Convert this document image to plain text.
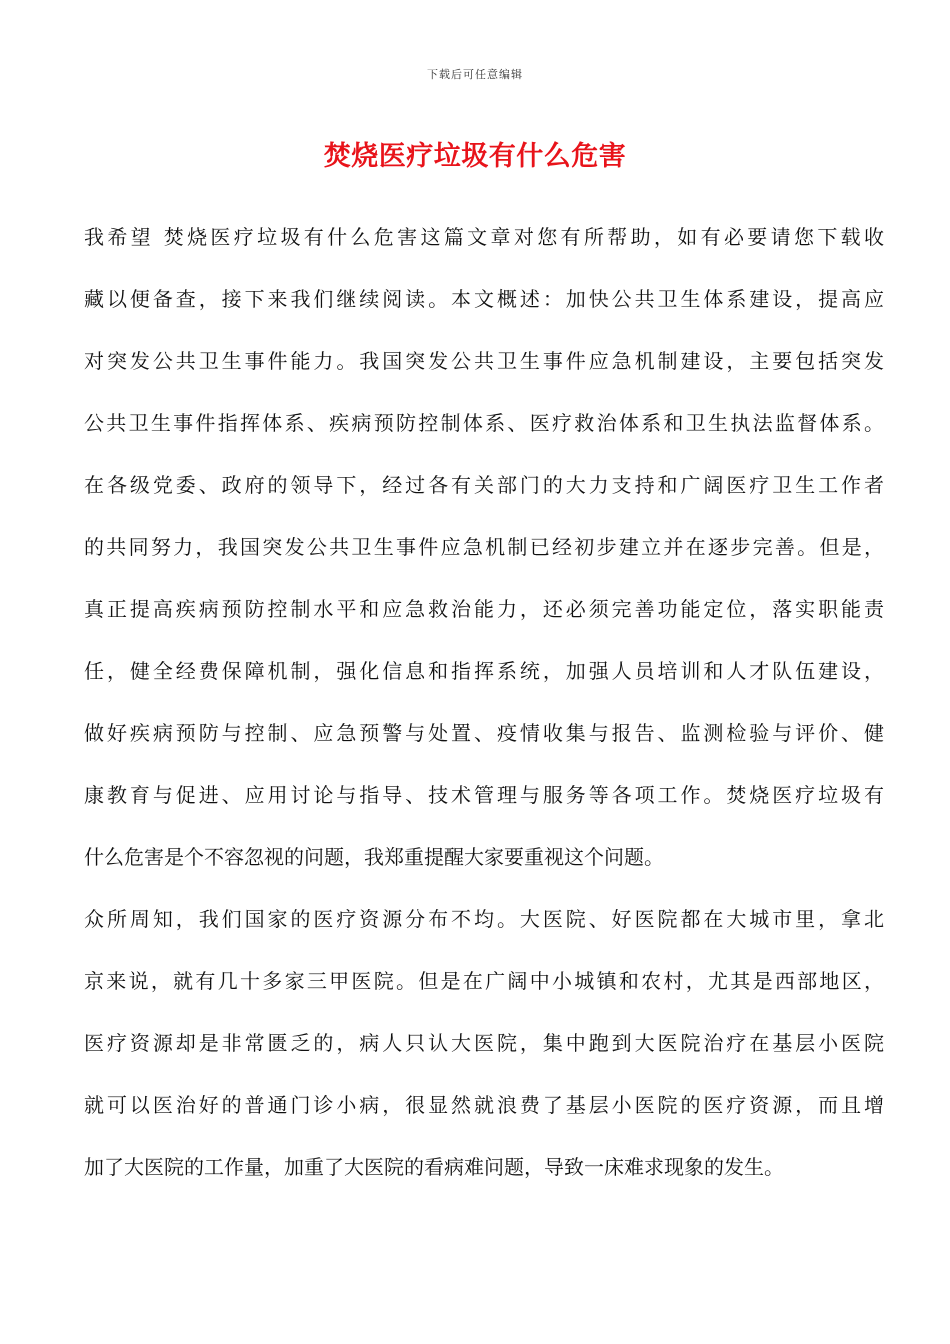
下载后可任意编辑
焚烧医疗垃圾有什么危害
我希望 焚烧医疗垃圾有什么危害这篇文章对您有所帮助，如有必要请您下载收
藏以便备查，接下来我们继续阅读。本文概述：加快公共卫生体系建设，提高应
对突发公共卫生事件能力。我国突发公共卫生事件应急机制建设，主要包括突发
公共卫生事件指挥体系、疾病预防控制体系、医疗救治体系和卫生执法监督体系。
在各级党委、政府的领导下，经过各有关部门的大力支持和广阔医疗卫生工作者
的共同努力，我国突发公共卫生事件应急机制已经初步建立并在逐步完善。但是，
真正提高疾病预防控制水平和应急救治能力，还必须完善功能定位，落实职能责
任，健全经费保障机制，强化信息和指挥系统，加强人员培训和人才队伍建设，
做好疾病预防与控制、应急预警与处置、疫情收集与报告、监测检验与评价、健
康教育与促进、应用讨论与指导、技术管理与服务等各项工作。焚烧医疗垃圾有
什么危害是个不容忽视的问题，我郑重提醒大家要重视这个问题。
众所周知，我们国家的医疗资源分布不均。大医院、好医院都在大城市里，拿北
京来说，就有几十多家三甲医院。但是在广阔中小城镇和农村，尤其是西部地区，
医疗资源却是非常匮乏的，病人只认大医院，集中跑到大医院治疗在基层小医院
就可以医治好的普通门诊小病，很显然就浪费了基层小医院的医疗资源，而且增
加了大医院的工作量，加重了大医院的看病难问题，导致一床难求现象的发生。
